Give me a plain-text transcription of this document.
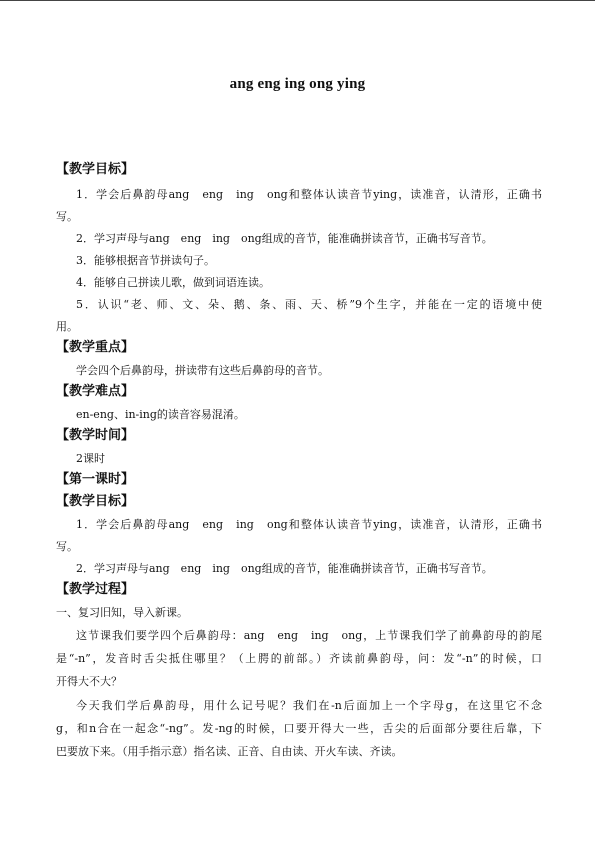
ang eng ing ong ying
【教学目标】
1．学会后鼻韵母ang　eng　ing　ong和整体认读音节ying，读准音，认清形，正确书
写。
2．学习声母与ang　eng　ing　ong组成的音节，能准确拼读音节，正确书写音节。
3．能够根据音节拼读句子。
4．能够自己拼读儿歌，做到词语连读。
5．认识“老、师、文、朵、鹅、条、雨、天、桥”9个生字，并能在一定的语境中使
用。
【教学重点】
学会四个后鼻韵母，拼读带有这些后鼻韵母的音节。
【教学难点】
en-eng、in-ing的读音容易混淆。
【教学时间】
2课时
【第一课时】
【教学目标】
1．学会后鼻韵母ang　eng　ing　ong和整体认读音节ying，读准音，认清形，正确书
写。
2．学习声母与ang　eng　ing　ong组成的音节，能准确拼读音节，正确书写音节。
【教学过程】
一、复习旧知，导入新课。
这节课我们要学四个后鼻韵母：ang　eng　ing　ong，上节课我们学了前鼻韵母的韵尾
是“-n”，发音时舌尖抵住哪里？（上腭的前部。）齐读前鼻韵母，问：发“-n”的时候，口
开得大不大？
今天我们学后鼻韵母，用什么记号呢？我们在-n后面加上一个字母g，在这里它不念
g，和n合在一起念“-ng”。发-ng的时候，口要开得大一些，舌尖的后面部分要往后靠，下
巴要放下来。（用手指示意）指名读、正音、自由读、开火车读、齐读。
